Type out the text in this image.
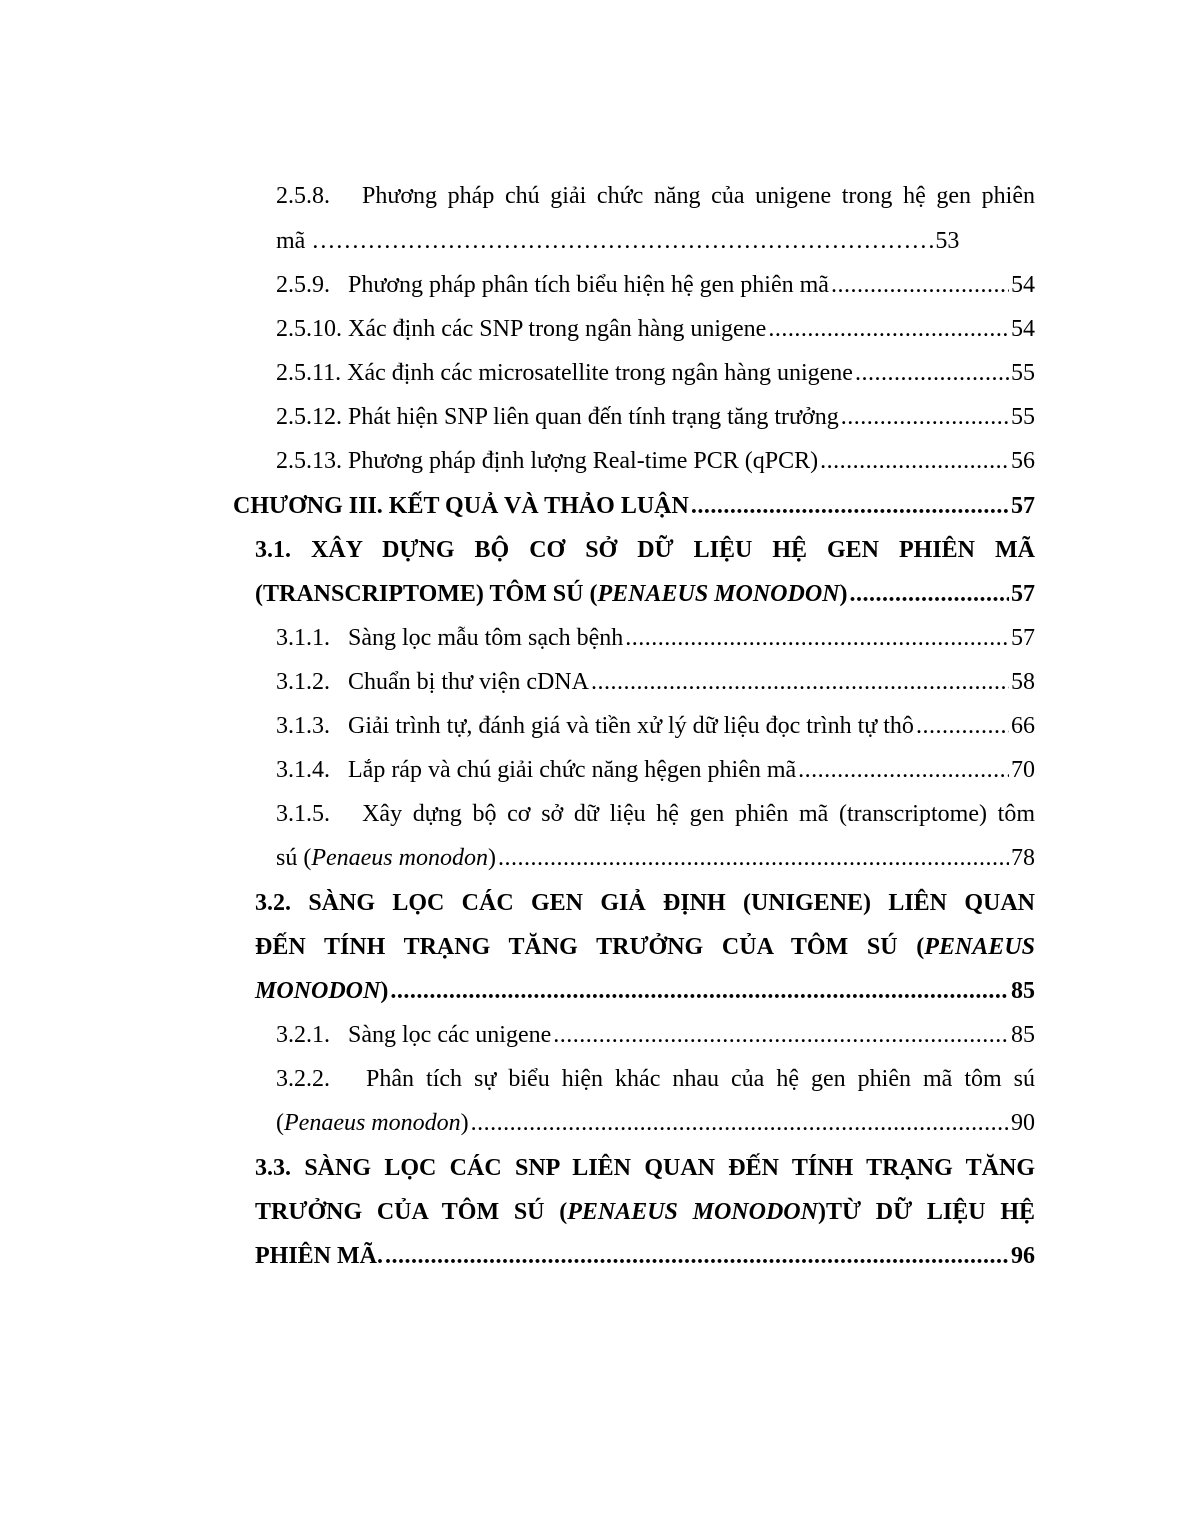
2.5.8. Phương pháp chú giải chức năng của unigene trong hệ gen phiên
mã ……………………………………………………………………53
2.5.9.   Phương pháp phân tích biểu hiện hệ gen phiên mã .....	54
2.5.10. Xác định các SNP trong ngân hàng unigene .....	54
2.5.11. Xác định các microsatellite trong ngân hàng unigene .....	55
2.5.12. Phát hiện SNP liên quan đến tính trạng tăng trưởng .....	55
2.5.13. Phương pháp định lượng Real-time PCR (qPCR) .....	56
CHƯƠNG III. KẾT QUẢ VÀ THẢO LUẬN .....	57
3.1. XÂY DỰNG BỘ CƠ SỞ DỮ LIỆU HỆ GEN PHIÊN MÃ
(TRANSCRIPTOME) TÔM SÚ (PENAEUS MONODON) .....	57
3.1.1.   Sàng lọc mẫu tôm sạch bệnh .....	57
3.1.2.   Chuẩn bị thư viện cDNA .....	58
3.1.3.   Giải trình tự, đánh giá và tiền xử lý dữ liệu đọc trình tự thô .....	66
3.1.4.   Lắp ráp và chú giải chức năng hệgen phiên mã .....	70
3.1.5.   Xây dựng bộ cơ sở dữ liệu hệ gen phiên mã (transcriptome) tôm
sú (Penaeus monodon) .....	78
3.2. SÀNG LỌC CÁC GEN GIẢ ĐỊNH (UNIGENE) LIÊN QUAN
ĐẾN TÍNH TRẠNG TĂNG TRƯỞNG CỦA TÔM SÚ (PENAEUS
MONODON) .....	85
3.2.1.   Sàng lọc các unigene .....	85
3.2.2.   Phân tích sự biểu hiện khác nhau của hệ gen phiên mã tôm sú
(Penaeus monodon) .....	90
3.3. SÀNG LỌC CÁC SNP LIÊN QUAN ĐẾN TÍNH TRẠNG TĂNG
TRƯỞNG CỦA TÔM SÚ (PENAEUS MONODON)TỪ DỮ LIỆU HỆ
PHIÊN MÃ. .....	96
